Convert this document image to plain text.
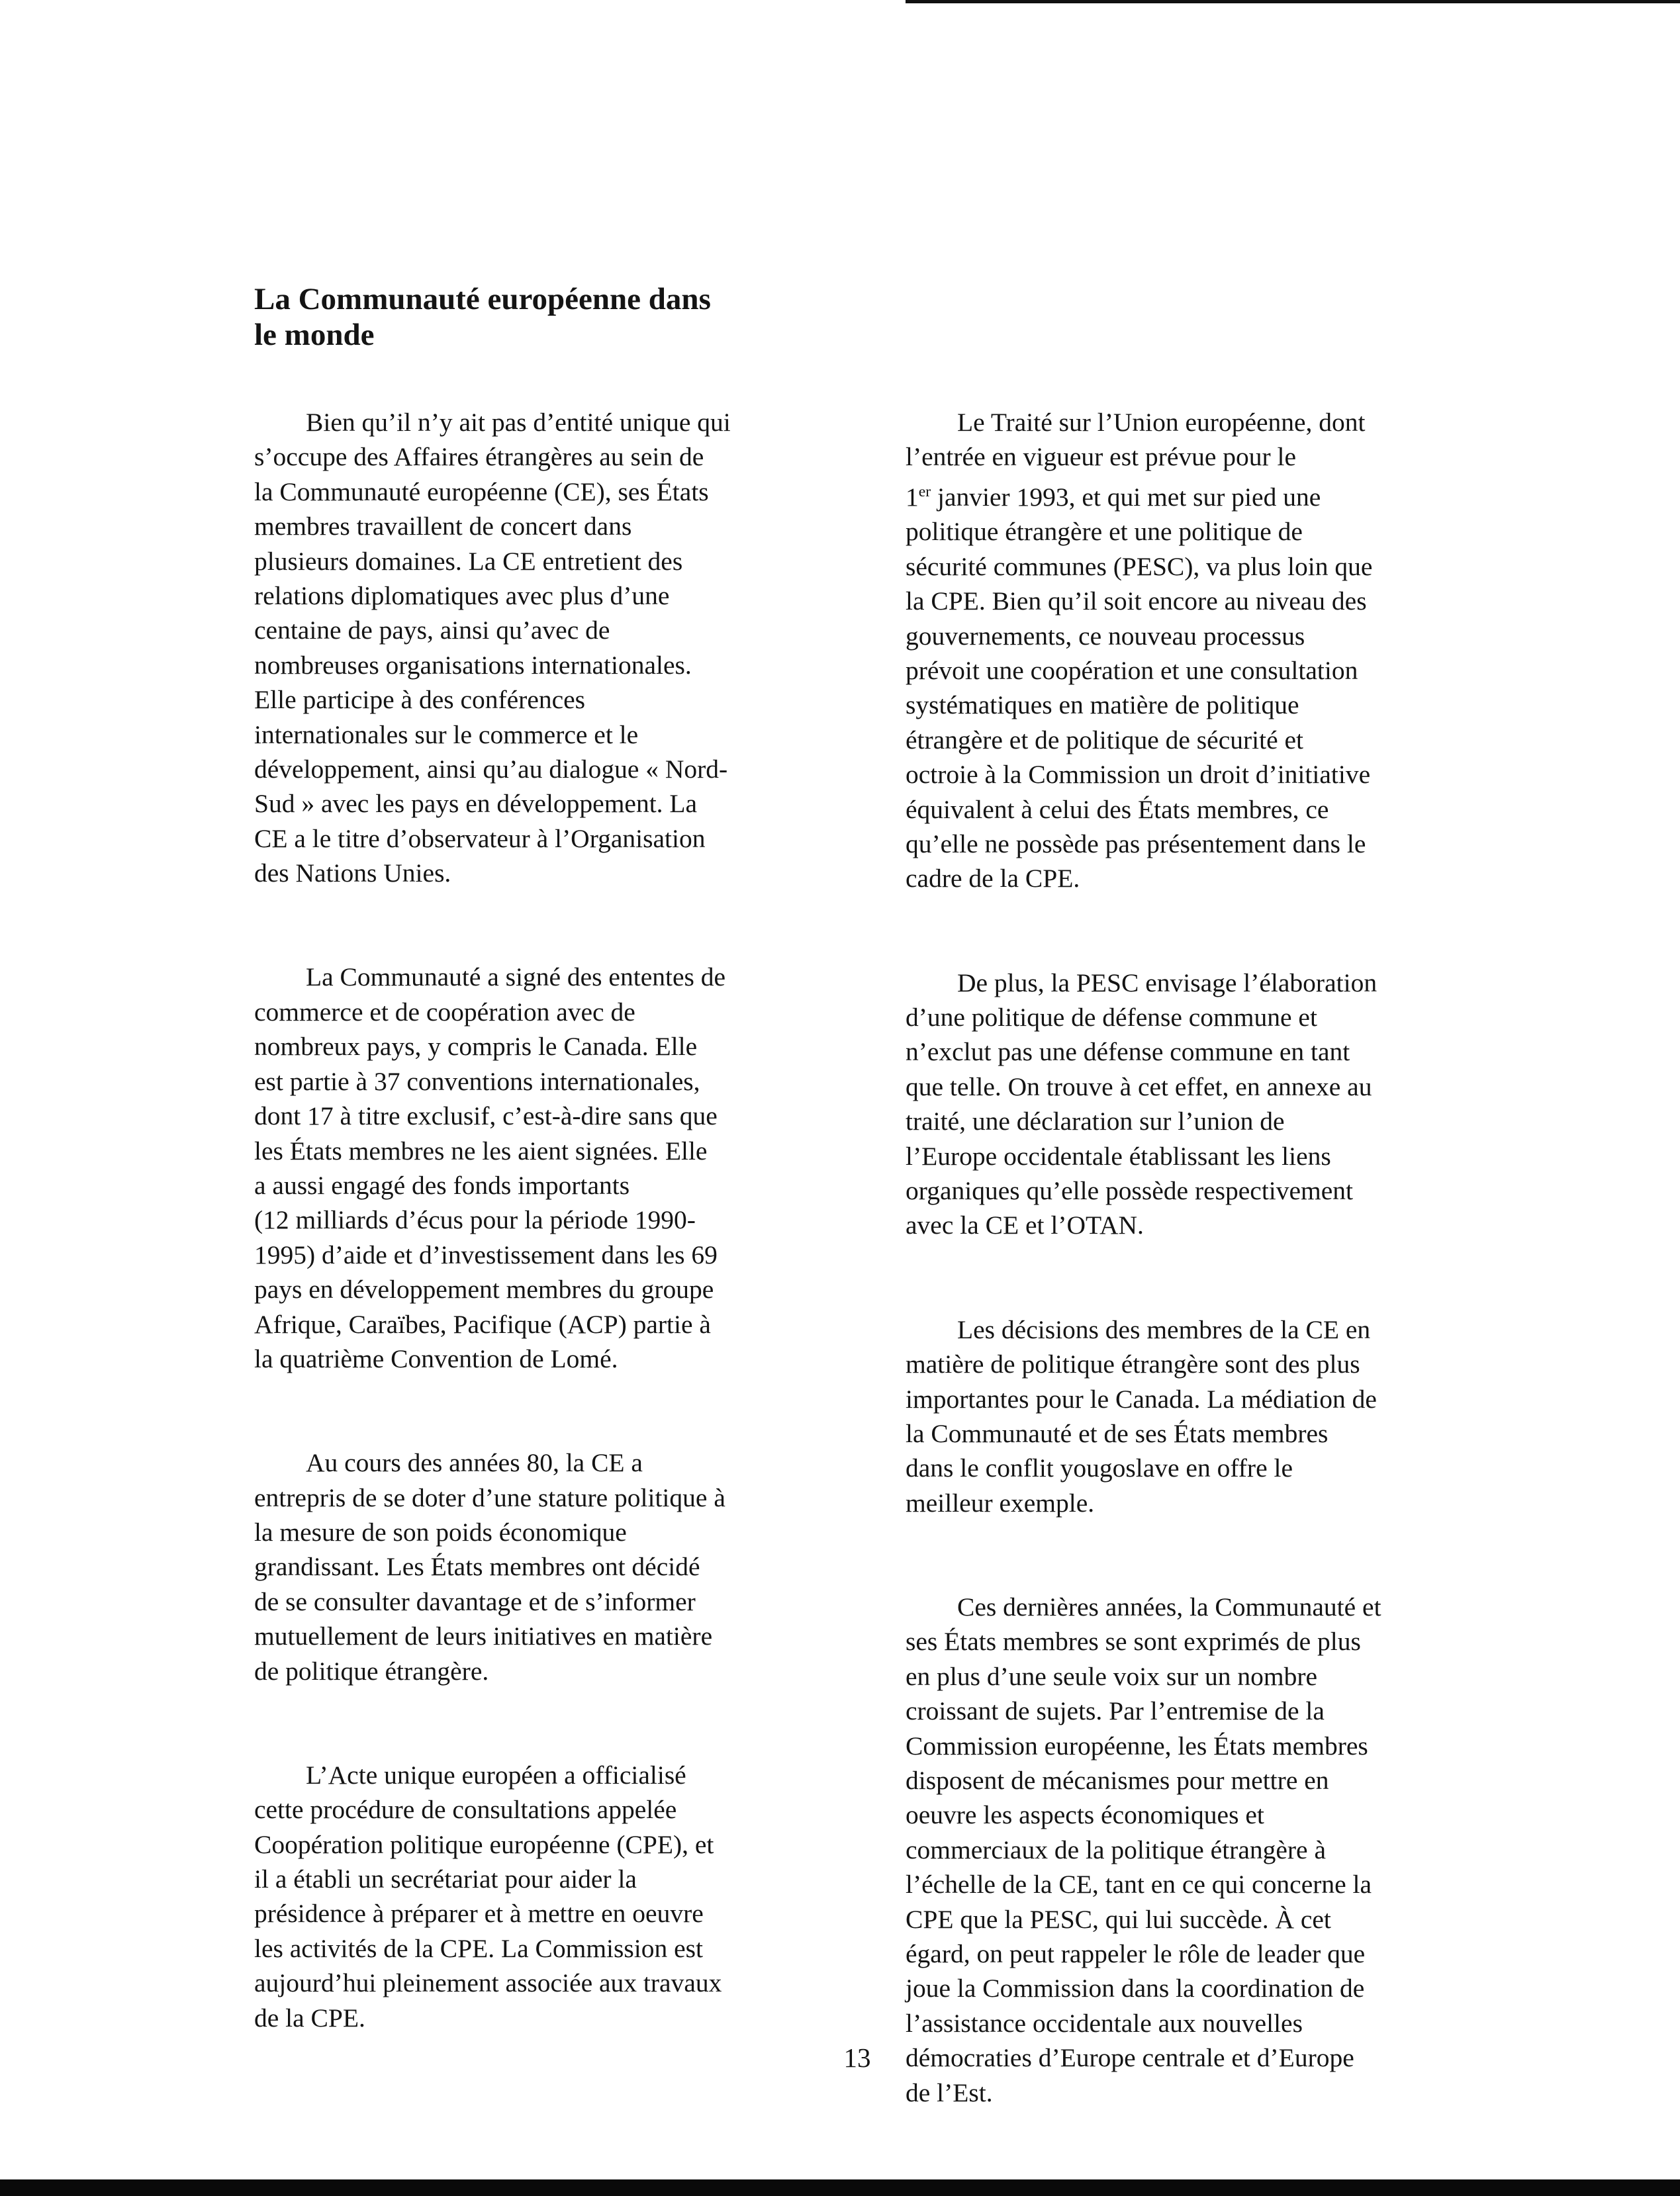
La Communauté européenne dans
le monde

Bien qu’il n’y ait pas d’entité unique qui
s’occupe des Affaires étrangères au sein de
la Communauté européenne (CE), ses États
membres travaillent de concert dans
plusieurs domaines. La CE entretient des
relations diplomatiques avec plus d’une
centaine de pays, ainsi qu’avec de
nombreuses organisations internationales.
Elle participe à des conférences
internationales sur le commerce et le
développement, ainsi qu’au dialogue « Nord-
Sud » avec les pays en développement. La
CE a le titre d’observateur à l’Organisation
des Nations Unies.

La Communauté a signé des ententes de
commerce et de coopération avec de
nombreux pays, y compris le Canada. Elle
est partie à 37 conventions internationales,
dont 17 à titre exclusif, c’est-à-dire sans que
les États membres ne les aient signées. Elle
a aussi engagé des fonds importants
(12 milliards d’écus pour la période 1990-
1995) d’aide et d’investissement dans les 69
pays en développement membres du groupe
Afrique, Caraïbes, Pacifique (ACP) partie à
la quatrième Convention de Lomé.

Au cours des années 80, la CE a
entrepris de se doter d’une stature politique à
la mesure de son poids économique
grandissant. Les États membres ont décidé
de se consulter davantage et de s’informer
mutuellement de leurs initiatives en matière
de politique étrangère.

L’Acte unique européen a officialisé
cette procédure de consultations appelée
Coopération politique européenne (CPE), et
il a établi un secrétariat pour aider la
présidence à préparer et à mettre en oeuvre
les activités de la CPE. La Commission est
aujourd’hui pleinement associée aux travaux
de la CPE.

Le Traité sur l’Union européenne, dont
l’entrée en vigueur est prévue pour le
1er janvier 1993, et qui met sur pied une
politique étrangère et une politique de
sécurité communes (PESC), va plus loin que
la CPE. Bien qu’il soit encore au niveau des
gouvernements, ce nouveau processus
prévoit une coopération et une consultation
systématiques en matière de politique
étrangère et de politique de sécurité et
octroie à la Commission un droit d’initiative
équivalent à celui des États membres, ce
qu’elle ne possède pas présentement dans le
cadre de la CPE.

De plus, la PESC envisage l’élaboration
d’une politique de défense commune et
n’exclut pas une défense commune en tant
que telle. On trouve à cet effet, en annexe au
traité, une déclaration sur l’union de
l’Europe occidentale établissant les liens
organiques qu’elle possède respectivement
avec la CE et l’OTAN.

Les décisions des membres de la CE en
matière de politique étrangère sont des plus
importantes pour le Canada. La médiation de
la Communauté et de ses États membres
dans le conflit yougoslave en offre le
meilleur exemple.

Ces dernières années, la Communauté et
ses États membres se sont exprimés de plus
en plus d’une seule voix sur un nombre
croissant de sujets. Par l’entremise de la
Commission européenne, les États membres
disposent de mécanismes pour mettre en
oeuvre les aspects économiques et
commerciaux de la politique étrangère à
l’échelle de la CE, tant en ce qui concerne la
CPE que la PESC, qui lui succède. À cet
égard, on peut rappeler le rôle de leader que
joue la Commission dans la coordination de
l’assistance occidentale aux nouvelles
démocraties d’Europe centrale et d’Europe
de l’Est.

13
